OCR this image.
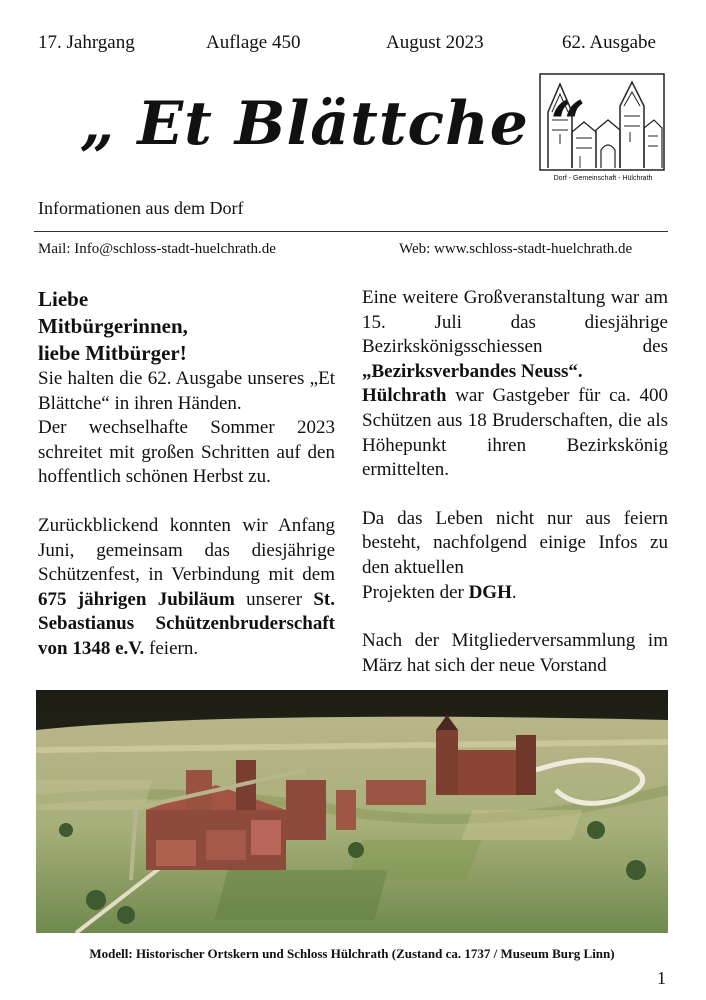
17. Jahrgang	Auflage 450	August 2023	62. Ausgabe
„ Et Blättche “
Dorf - Gemeinschaft - Hülchrath
Informationen aus dem Dorf
Mail: Info@schloss-stadt-huelchrath.de	Web: www.schloss-stadt-huelchrath.de
Liebe
Mitbürgerinnen,
liebe Mitbürger!

Sie halten die 62. Ausgabe unseres „Et Blättche“ in ihren Händen.

Der wechselhafte Sommer 2023 schreitet mit großen Schritten auf den hoffentlich schönen Herbst zu.

Zurückblickend konnten wir Anfang Juni, gemeinsam das diesjährige Schützenfest, in Verbindung mit dem 675 jährigen Jubiläum unserer St. Sebastianus Schützenbruderschaft von 1348 e.V. feiern.

Eine weitere Großveranstaltung war am 15. Juli das diesjährige Bezirkskönigsschiessen des „Bezirksverbandes Neuss“.

Hülchrath war Gastgeber für ca. 400 Schützen aus 18 Bruderschaften, die als Höhepunkt ihren Bezirkskönig ermittelten.

Da das Leben nicht nur aus feiern besteht, nachfolgend einige Infos zu den aktuellen

Projekten der DGH.

Nach der Mitgliederversammlung im März hat sich der neue Vorstand

Modell: Historischer Ortskern und Schloss Hülchrath (Zustand ca. 1737 / Museum Burg Linn)
1
